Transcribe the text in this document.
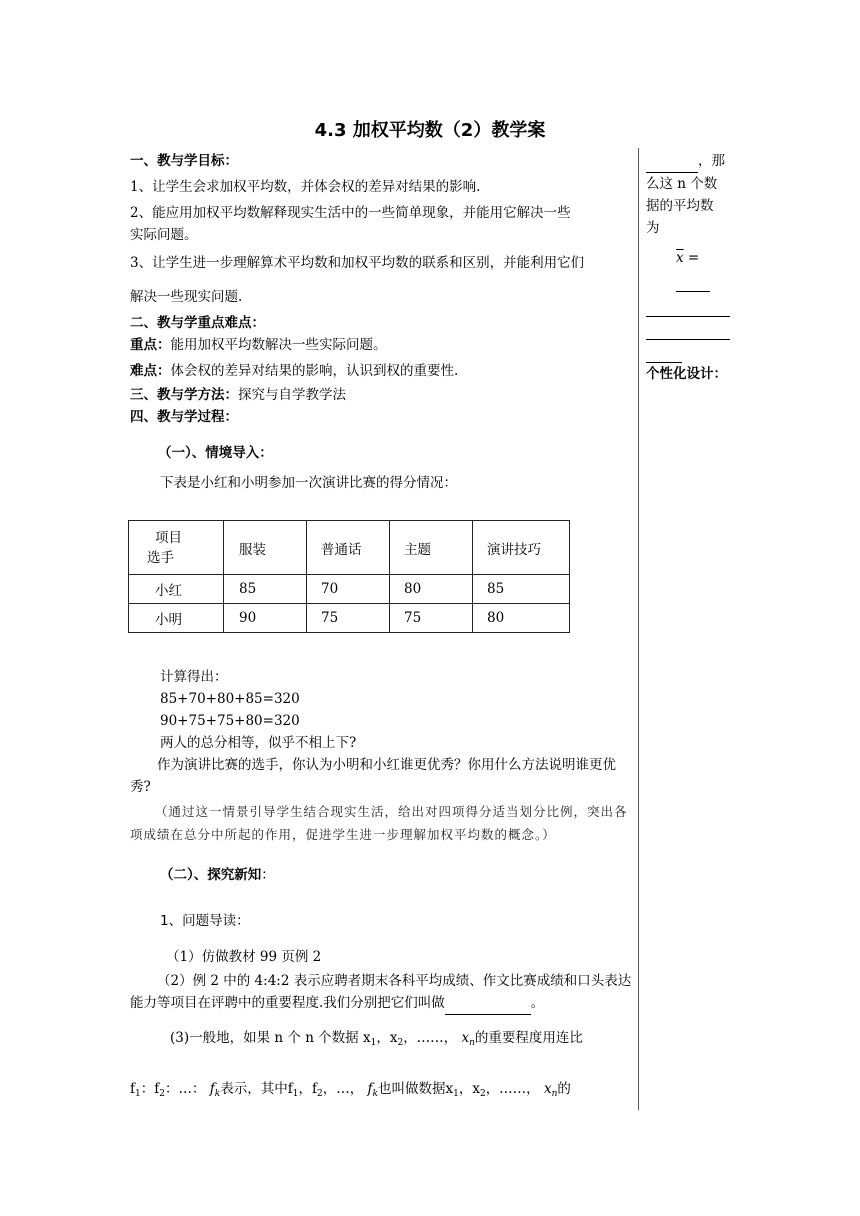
4.3 加权平均数（2）教学案

一、教与学目标：

1、让学生会求加权平均数，并体会权的差异对结果的影响.

2、能应用加权平均数解释现实生活中的一些简单现象，并能用它解决一些

实际问题。

3、让学生进一步理解算术平均数和加权平均数的联系和区别，并能利用它们

解决一些现实问题.

二、教与学重点难点：

重点：能用加权平均数解决一些实际问题。

难点：体会权的差异对结果的影响，认识到权的重要性.

三、教与学方法：探究与自学教学法

四、教与学过程：

（一）、情境导入：

下表是小红和小明参加一次演讲比赛的得分情况：

项目
选手	服装	普通话	主题	演讲技巧
小红	85	70	80	85
小明	90	75	75	80

计算得出：

85+70+80+85=320

90+75+75+80=320

两人的总分相等，似乎不相上下?

作为演讲比赛的选手，你认为小明和小红谁更优秀？你用什么方法说明谁更优秀?

（通过这一情景引导学生结合现实生活，给出对四项得分适当划分比例，突出各项成绩在总分中所起的作用，促进学生进一步理解加权平均数的概念。）

（二）、探究新知：

1、问题导读：

（1）仿做教材 99 页例 2

（2）例 2 中的 4:4:2 表示应聘者期末各科平均成绩、作文比赛成绩和口头表达能力等项目在评聘中的重要程度.我们分别把它们叫做	。

(3)一般地，如果 n 个 n 个数据 $x_1$，$x_2$，……， $x_n$的重要程度用连比

$f_1$：$f_2$：…： $f_k$表示，其中$f_1$，$f_2$，…， $f_k$也叫做数据$x_1$，$x_2$，……， $x_n$的

，那

么这 n 个数

据的平均数

为

$\overline{x}$ =

个性化设计：
